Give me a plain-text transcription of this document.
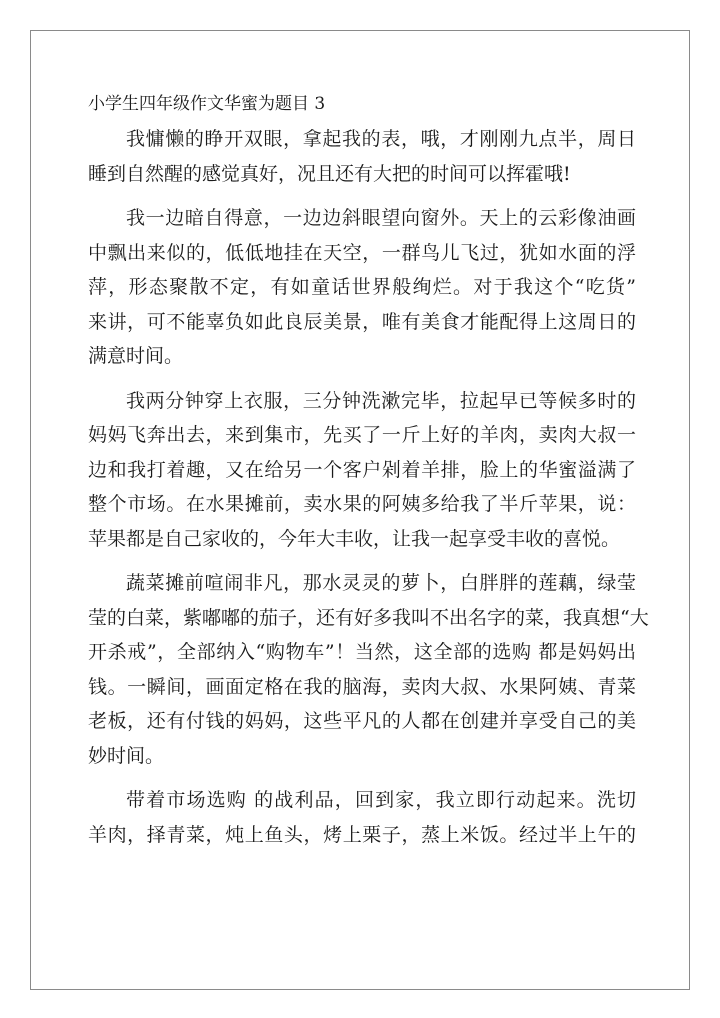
小学生四年级作文华蜜为题目 3
我慵懒的睁开双眼，拿起我的表，哦，才刚刚九点半，周日
睡到自然醒的感觉真好，况且还有大把的时间可以挥霍哦!
我一边暗自得意，一边边斜眼望向窗外。天上的云彩像油画
中飘出来似的，低低地挂在天空，一群鸟儿飞过，犹如水面的浮
萍，形态聚散不定，有如童话世界般绚烂。对于我这个“吃货”
来讲，可不能辜负如此良辰美景，唯有美食才能配得上这周日的
满意时间。
我两分钟穿上衣服，三分钟洗漱完毕，拉起早已等候多时的
妈妈飞奔出去，来到集市，先买了一斤上好的羊肉，卖肉大叔一
边和我打着趣，又在给另一个客户剁着羊排，脸上的华蜜溢满了
整个市场。在水果摊前，卖水果的阿姨多给我了半斤苹果，说：
苹果都是自己家收的，今年大丰收，让我一起享受丰收的喜悦。
蔬菜摊前喧闹非凡，那水灵灵的萝卜，白胖胖的莲藕，绿莹
莹的白菜，紫嘟嘟的茄子，还有好多我叫不出名字的菜，我真想“大
开杀戒”，全部纳入“购物车”！当然，这全部的选购 都是妈妈出
钱。一瞬间，画面定格在我的脑海，卖肉大叔、水果阿姨、青菜
老板，还有付钱的妈妈，这些平凡的人都在创建并享受自己的美
妙时间。
带着市场选购 的战利品，回到家，我立即行动起来。洗切
羊肉，择青菜，炖上鱼头，烤上栗子，蒸上米饭。经过半上午的
